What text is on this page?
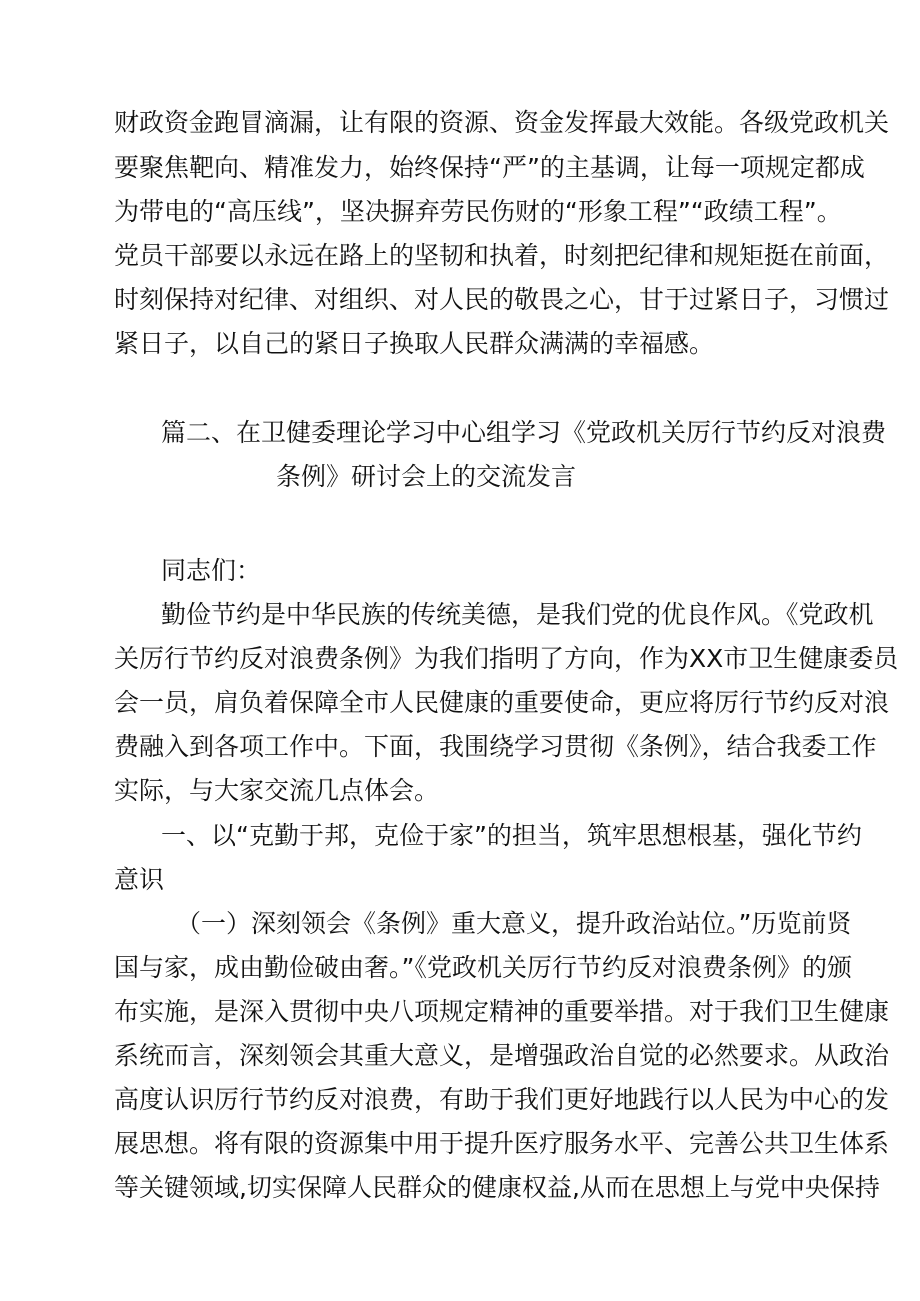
财政资金跑冒滴漏，让有限的资源、资金发挥最大效能。各级党政机关
要聚焦靶向、精准发力，始终保持“严”的主基调，让每一项规定都成
为带电的“高压线”，坚决摒弃劳民伤财的“形象工程”“政绩工程”。
党员干部要以永远在路上的坚韧和执着，时刻把纪律和规矩挺在前面，
时刻保持对纪律、对组织、对人民的敬畏之心，甘于过紧日子，习惯过
紧日子，以自己的紧日子换取人民群众满满的幸福感。
篇二、在卫健委理论学习中心组学习《党政机关厉行节约反对浪费
条例》研讨会上的交流发言
同志们：
勤俭节约是中华民族的传统美德，是我们党的优良作风。《党政机
关厉行节约反对浪费条例》为我们指明了方向，作为XX市卫生健康委员
会一员，肩负着保障全市人民健康的重要使命，更应将厉行节约反对浪
费融入到各项工作中。下面，我围绕学习贯彻《条例》，结合我委工作
实际，与大家交流几点体会。
一、以“克勤于邦，克俭于家”的担当，筑牢思想根基，强化节约
意识
（一）深刻领会《条例》重大意义，提升政治站位。”历览前贤
国与家，成由勤俭破由奢。”《党政机关厉行节约反对浪费条例》的颁
布实施，是深入贯彻中央八项规定精神的重要举措。对于我们卫生健康
系统而言，深刻领会其重大意义，是增强政治自觉的必然要求。从政治
高度认识厉行节约反对浪费，有助于我们更好地践行以人民为中心的发
展思想。将有限的资源集中用于提升医疗服务水平、完善公共卫生体系
等关键领域,切实保障人民群众的健康权益,从而在思想上与党中央保持
